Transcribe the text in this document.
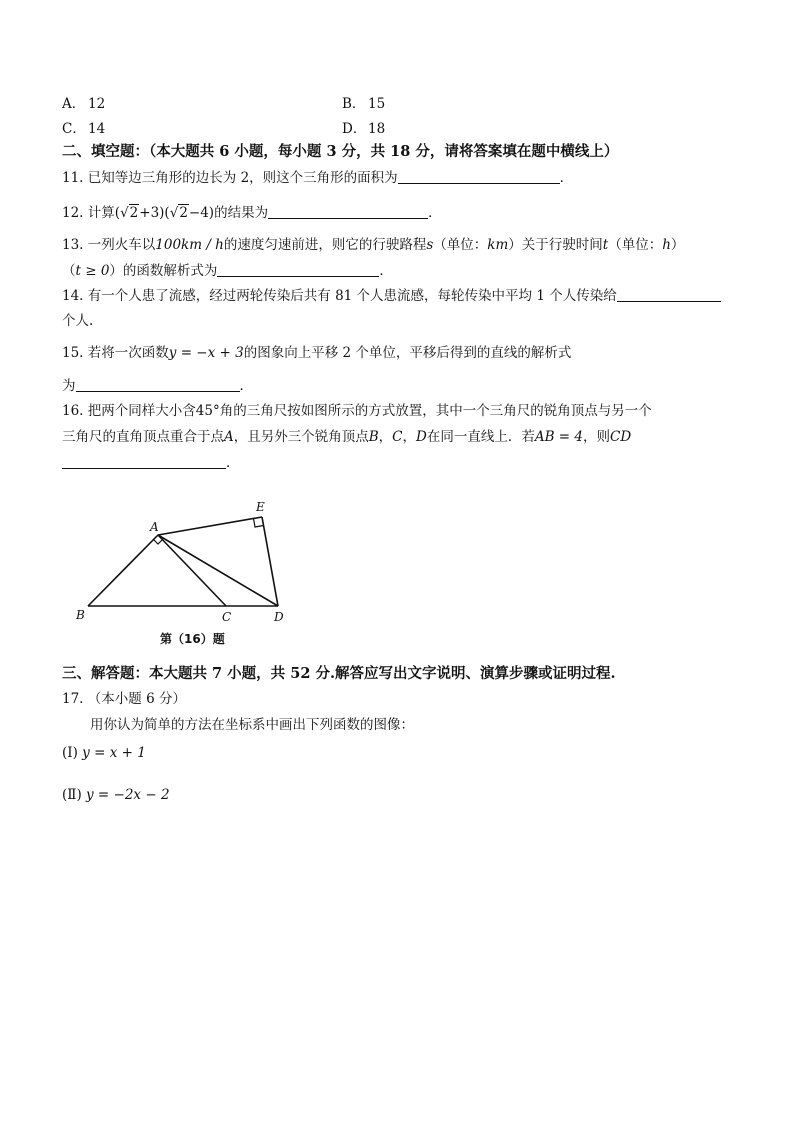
A． 12	B． 15
C． 14	D． 18
二、填空题：（本大题共 6 小题，每小题 3 分，共 18 分，请将答案填在题中横线上）
11. 已知等边三角形的边长为 2，则这个三角形的面积为	．
12. 计算(√2+3)(√2−4)的结果为	．
13. 一列火车以100km / h的速度匀速前进，则它的行驶路程s（单位：km）关于行驶时间t（单位：h）
（t ≥ 0）的函数解析式为	．
14. 有一个人患了流感，经过两轮传染后共有 81 个人患流感，每轮传染中平均 1 个人传染给
个人.
15. 若将一次函数y = −x + 3的图象向上平移 2 个单位，平移后得到的直线的解析式
为	．
16. 把两个同样大小含45°角的三角尺按如图所示的方式放置，其中一个三角尺的锐角顶点与另一个
三角尺的直角顶点重合于点A，且另外三个锐角顶点B，C，D在同一直线上．若AB = 4，则CD
．
A
B	C	D
E
第（16）题
三、解答题：本大题共 7 小题，共 52 分.解答应写出文字说明、演算步骤或证明过程.
17. （本小题 6 分）
用你认为简单的方法在坐标系中画出下列函数的图像：
(Ⅰ) y = x + 1
(Ⅱ) y = −2x − 2
